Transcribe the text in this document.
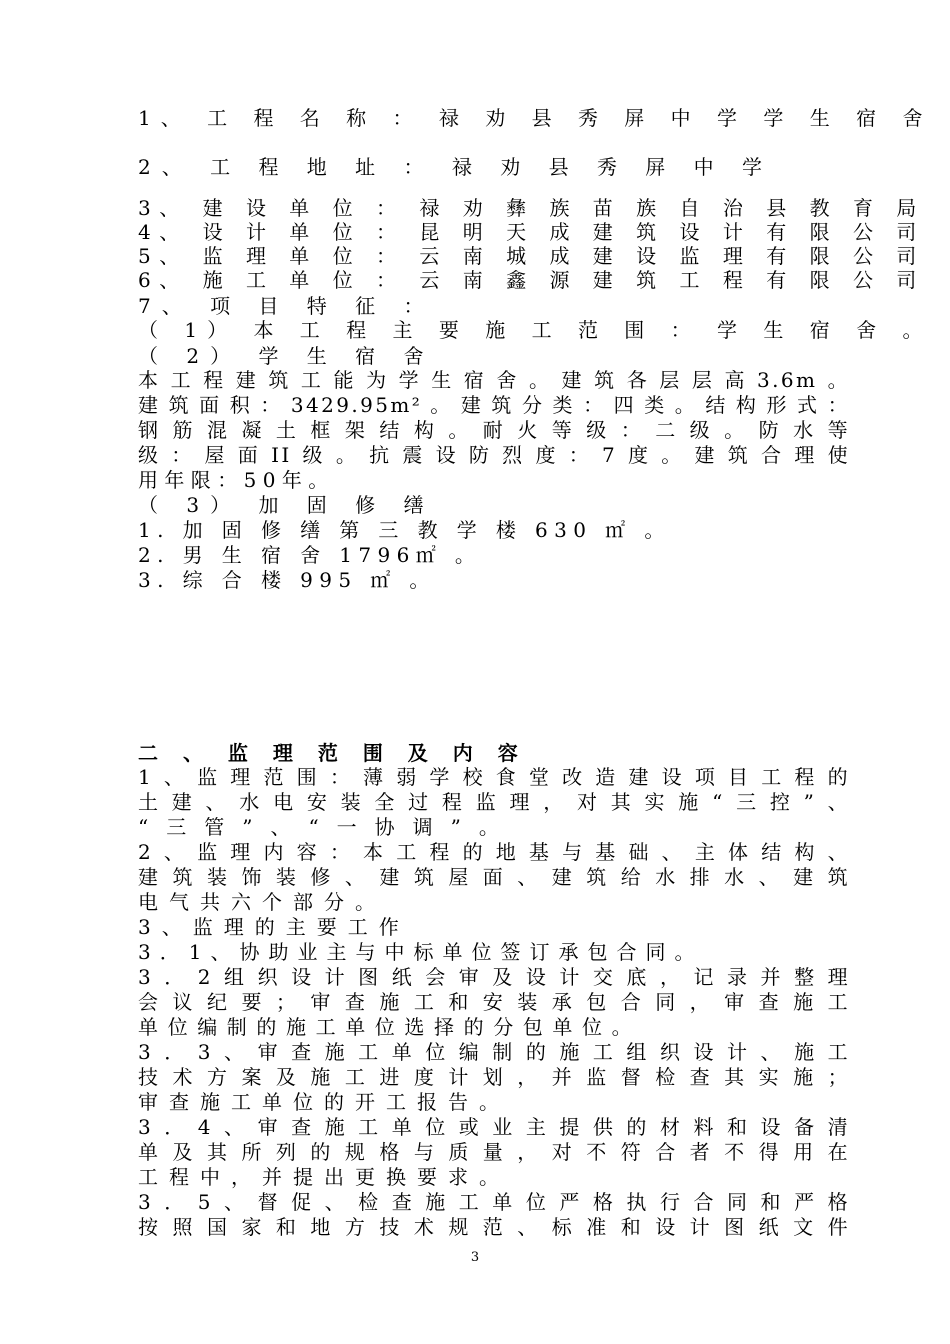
1、 工 程 名 称 ： 禄 劝 县 秀 屏 中 学 学 生 宿 舍
2、 工 程 地 址 ： 禄 劝 县 秀 屏 中 学
3、 建 设 单 位 ： 禄 劝 彝 族 苗 族 自 治 县 教 育 局
4、 设 计 单 位 ： 昆 明 天 成 建 筑 设 计 有 限 公 司
5、 监 理 单 位 ： 云 南 城 成 建 设 监 理 有 限 公 司
6、 施 工 单 位 ： 云 南 鑫 源 建 筑 工 程 有 限 公 司
7、 项 目 特 征 ：
（ 1） 本 工 程 主 要 施 工 范 围 ： 学 生 宿 舍 。
（ 2） 学 生 宿 舍
本工程建筑工能为学生宿舍。建筑各层层高3.6m。
建筑面积：3429.95m²。建筑分类：四类。结构形式：
钢筋混凝土框架结构。耐火等级：二级。防水等
级：屋面II级。抗震设防烈度：7度。建筑合理使
用年限：50年。
（ 3） 加 固 修 缮
1. 加 固 修 缮 第 三 教 学 楼 630 ㎡ 。
2. 男 生 宿 舍 1796㎡ 。
3. 综 合 楼 995 ㎡ 。
二 、 监 理 范 围 及 内 容
1、监理范围：薄弱学校食堂改造建设项目工程的
土建、水电安装全过程监理，对其实施“三控”、
“三管”、“一协调”。
2、监理内容：本工程的地基与基础、主体结构、
建筑装饰装修、建筑屋面、建筑给水排水、建筑
电气共六个部分。
3、监理的主要工作
3．1、协助业主与中标单位签订承包合同。
3．2组织设计图纸会审及设计交底，记录并整理
会议纪要；审查施工和安装承包合同，审查施工
单位编制的施工单位选择的分包单位。
3．3、审查施工单位编制的施工组织设计、施工
技术方案及施工进度计划，并监督检查其实施；
审查施工单位的开工报告。
3．4、审查施工单位或业主提供的材料和设备清
单及其所列的规格与质量，对不符合者不得用在
工程中，并提出更换要求。
3．5、督促、检查施工单位严格执行合同和严格
按照国家和地方技术规范、标准和设计图纸文件
3
